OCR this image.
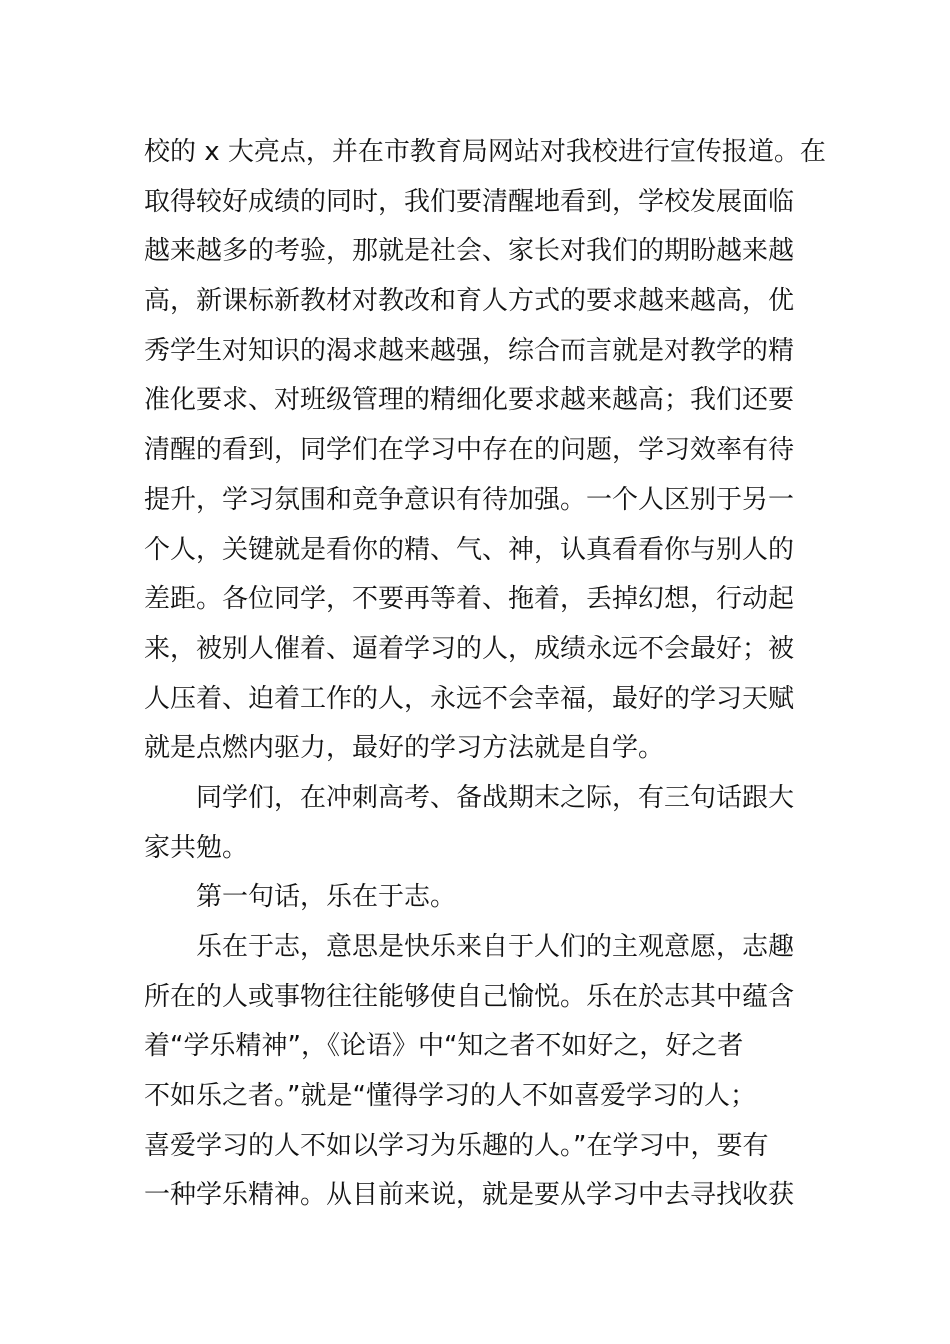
校的 x 大亮点，并在市教育局网站对我校进行宣传报道。在
取得较好成绩的同时，我们要清醒地看到，学校发展面临
越来越多的考验，那就是社会、家长对我们的期盼越来越
高，新课标新教材对教改和育人方式的要求越来越高，优
秀学生对知识的渴求越来越强，综合而言就是对教学的精
准化要求、对班级管理的精细化要求越来越高；我们还要
清醒的看到，同学们在学习中存在的问题，学习效率有待
提升，学习氛围和竞争意识有待加强。一个人区别于另一
个人，关键就是看你的精、气、神，认真看看你与别人的
差距。各位同学，不要再等着、拖着，丢掉幻想，行动起
来，被别人催着、逼着学习的人，成绩永远不会最好；被
人压着、迫着工作的人，永远不会幸福，最好的学习天赋
就是点燃内驱力，最好的学习方法就是自学。
同学们，在冲刺高考、备战期末之际，有三句话跟大
家共勉。
第一句话，乐在于志。
乐在于志，意思是快乐来自于人们的主观意愿，志趣
所在的人或事物往往能够使自己愉悦。乐在於志其中蕴含
着“学乐精神”，《论语》中“知之者不如好之，好之者
不如乐之者。”就是“懂得学习的人不如喜爱学习的人；
喜爱学习的人不如以学习为乐趣的人。”在学习中，要有
一种学乐精神。从目前来说，就是要从学习中去寻找收获
